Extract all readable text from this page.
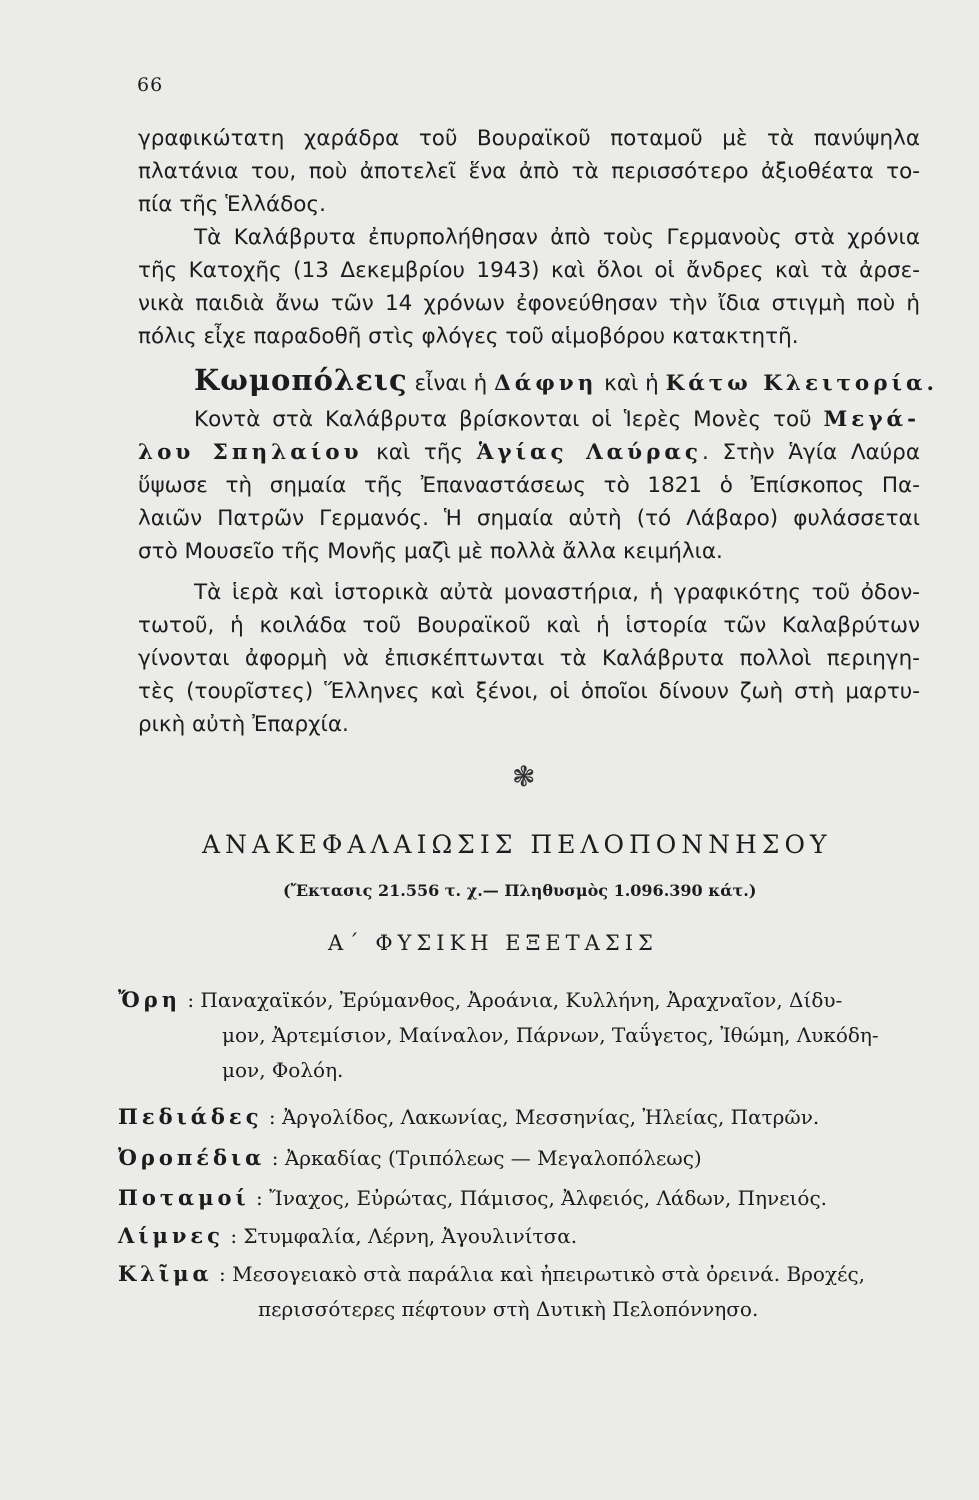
66
γραφικώτατη χαράδρα τοῦ Βουραϊκοῦ ποταμοῦ μὲ τὰ πανύψηλα
πλατάνια του, ποὺ ἀποτελεῖ ἕνα ἀπὸ τὰ περισσότερο ἀξιοθέατα το-
πία τῆς Ἑλλάδος.
Τὰ Καλάβρυτα ἐπυρπολήθησαν ἀπὸ τοὺς Γερμανοὺς στὰ χρόνια
τῆς Κατοχῆς (13 Δεκεμβρίου 1943) καὶ ὅλοι οἱ ἄνδρες καὶ τὰ ἀρσε-
νικὰ παιδιὰ ἄνω τῶν 14 χρόνων ἐφονεύθησαν τὴν ἴδια στιγμὴ ποὺ ἡ
πόλις εἶχε παραδοθῆ στὶς φλόγες τοῦ αἱμοβόρου κατακτητῆ.
Κωμοπόλεις εἶναι ἡ Δάφνη καὶ ἡ Κάτω Κλειτορία.
Κοντὰ στὰ Καλάβρυτα βρίσκονται οἱ Ἱερὲς Μονὲς τοῦ Μεγά-
λου Σπηλαίου καὶ τῆς Ἁγίας Λαύρας. Στὴν Ἁγία Λαύρα
ὕψωσε τὴ σημαία τῆς Ἐπαναστάσεως τὸ 1821 ὁ Ἐπίσκοπος Πα-
λαιῶν Πατρῶν Γερμανός. Ἡ σημαία αὐτὴ (τό Λάβαρο) φυλάσσεται
στὸ Μουσεῖο τῆς Μονῆς μαζὶ μὲ πολλὰ ἄλλα κειμήλια.
Τὰ ἱερὰ καὶ ἱστορικὰ αὐτὰ μοναστήρια, ἡ γραφικότης τοῦ ὀδον-
τωτοῦ, ἡ κοιλάδα τοῦ Βουραϊκοῦ καὶ ἡ ἱστορία τῶν Καλαβρύτων
γίνονται ἀφορμὴ νὰ ἐπισκέπτωνται τὰ Καλάβρυτα πολλοὶ περιηγη-
τὲς (τουρῖστες) Ἕλληνες καὶ ξένοι, οἱ ὁποῖοι δίνουν ζωὴ στὴ μαρτυ-
ρικὴ αὐτὴ Ἐπαρχία.
❃
ΑΝΑΚΕΦΑΛΑΙΩΣΙΣ ΠΕΛΟΠΟΝΝΗΣΟΥ
(Ἔκτασις 21.556 τ. χ.— Πληθυσμὸς 1.096.390 κάτ.)
Α΄ ΦΥΣΙΚΗ ΕΞΕΤΑΣΙΣ
Ὄρη : Παναχαϊκόν, Ἐρύμανθος, Ἀροάνια, Κυλλήνη, Ἀραχναῖον, Δίδυ-
μον, Ἀρτεμίσιον, Μαίναλον, Πάρνων, Ταΰγετος, Ἰθώμη, Λυκόδη-
μον, Φολόη.
Πεδιάδες : Ἀργολίδος, Λακωνίας, Μεσσηνίας, Ἠλείας, Πατρῶν.
Ὀροπέδια : Ἀρκαδίας (Τριπόλεως — Μεγαλοπόλεως)
Ποταμοί : Ἴναχος, Εὐρώτας, Πάμισος, Ἀλφειός, Λάδων, Πηνειός.
Λίμνες : Στυμφαλία, Λέρνη, Ἀγουλινίτσα.
Κλῖμα : Μεσογειακὸ στὰ παράλια καὶ ἠπειρωτικὸ στὰ ὀρεινά. Βροχές,
περισσότερες πέφτουν στὴ Δυτικὴ Πελοπόννησο.
